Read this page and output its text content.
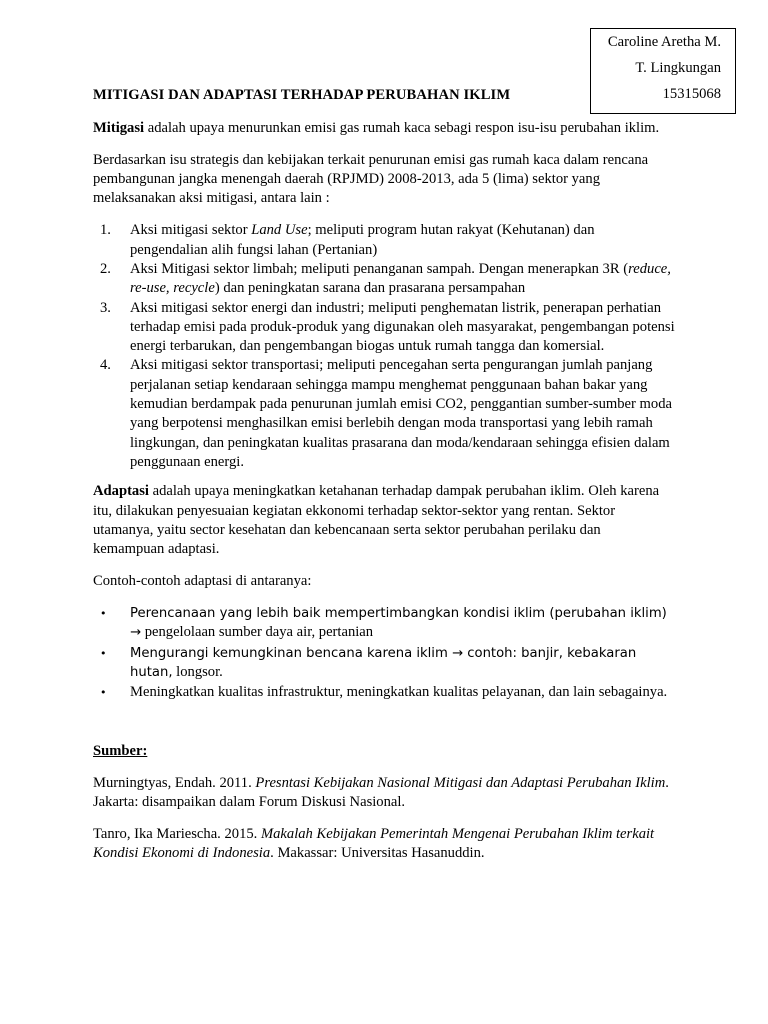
Caroline Aretha M.
T. Lingkungan
15315068
MITIGASI DAN ADAPTASI TERHADAP PERUBAHAN IKLIM

Mitigasi adalah upaya menurunkan emisi gas rumah kaca sebagi respon isu-isu perubahan iklim.

Berdasarkan isu strategis dan kebijakan terkait penurunan emisi gas rumah kaca dalam rencana pembangunan jangka menengah daerah (RPJMD) 2008-2013, ada 5 (lima) sektor yang melaksanakan aksi mitigasi, antara lain :

1.	Aksi mitigasi sektor Land Use; meliputi program hutan rakyat (Kehutanan) dan pengendalian alih fungsi lahan (Pertanian)
2.	Aksi Mitigasi sektor limbah; meliputi penanganan sampah. Dengan menerapkan 3R (reduce, re-use, recycle) dan peningkatan sarana dan prasarana persampahan
3.	Aksi mitigasi sektor energi dan industri; meliputi penghematan listrik, penerapan perhatian terhadap emisi pada produk-produk yang digunakan oleh masyarakat, pengembangan potensi energi terbarukan, dan pengembangan biogas untuk rumah tangga dan komersial.
4.	Aksi mitigasi sektor transportasi; meliputi pencegahan serta pengurangan jumlah panjang perjalanan setiap kendaraan sehingga mampu menghemat penggunaan bahan bakar yang kemudian berdampak pada penurunan jumlah emisi CO2, penggantian sumber-sumber moda yang berpotensi menghasilkan emisi berlebih dengan moda transportasi yang lebih ramah lingkungan, dan peningkatan kualitas prasarana dan moda/kendaraan sehingga efisien dalam penggunaan energi.

Adaptasi adalah upaya meningkatkan ketahanan terhadap dampak perubahan iklim. Oleh karena itu, dilakukan penyesuaian kegiatan ekkonomi terhadap sektor-sektor yang rentan. Sektor utamanya, yaitu sector kesehatan dan kebencanaan serta sektor perubahan perilaku dan kemampuan adaptasi.

Contoh-contoh adaptasi di antaranya:

• Perencanaan yang lebih baik mempertimbangkan kondisi iklim (perubahan iklim) → pengelolaan sumber daya air, pertanian
• Mengurangi kemungkinan bencana karena iklim → contoh: banjir, kebakaran hutan, longsor.
• Meningkatkan kualitas infrastruktur, meningkatkan kualitas pelayanan, dan lain sebagainya.

Sumber:

Murningtyas, Endah. 2011. Presntasi Kebijakan Nasional Mitigasi dan Adaptasi Perubahan Iklim. Jakarta: disampaikan dalam Forum Diskusi Nasional.

Tanro, Ika Mariescha. 2015. Makalah Kebijakan Pemerintah Mengenai Perubahan Iklim terkait Kondisi Ekonomi di Indonesia. Makassar: Universitas Hasanuddin.
